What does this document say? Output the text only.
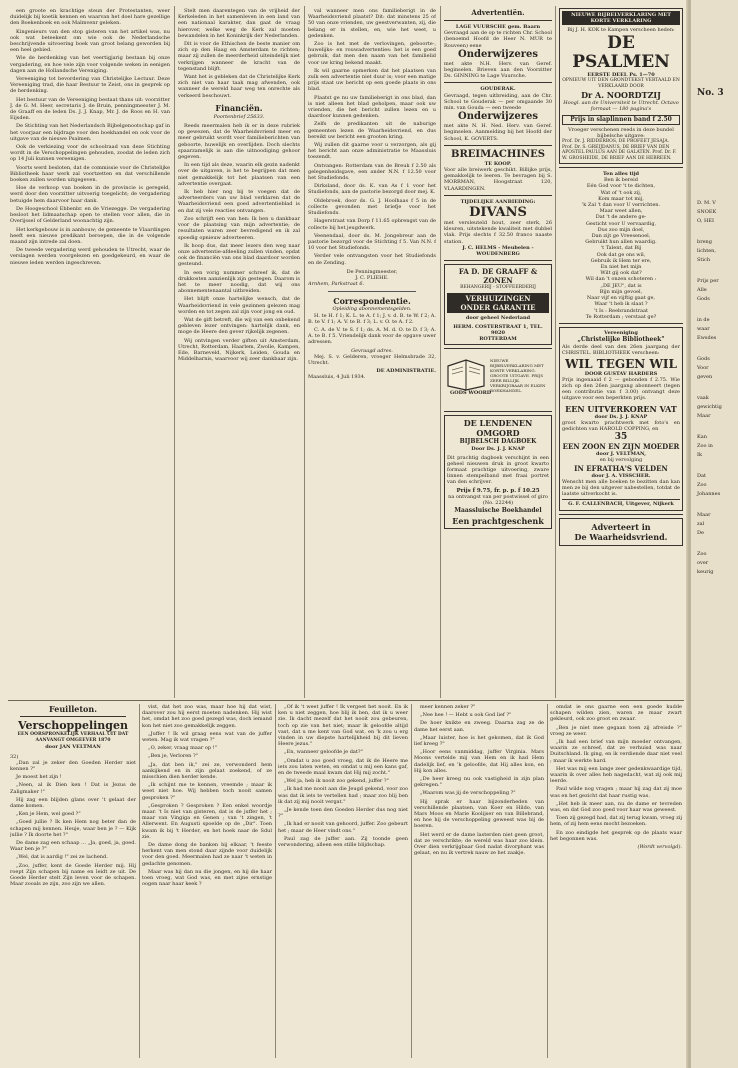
een groote en krachtige steun der Protestanten, weer duidelijk bij koetik kennen en waarvan het doel hare gezellige den Boekenboek en ook Malmvenr geleken.

Kingenieurs van den stop gisteren van het artikel was, nu ook wat beteekent om wie ook de Nederlandsche beschrijvende uitvoering boek van groot belang geworden bij een heel gebied.

Wie de herdenking van het veertigjarig bestaan bij onze vergadering, en hoe vele zijn voor volgende weken in eenigen dagen aan de Hollandsche Vereniging.

Vereeniging tot bevordering van Christelijke Lectuur. Deze Vereeniging trad, die haar Bestuur te Zeist, ons in gesprek op de herdenking.

Het bestuur van de Vereeniging bestaat thans uit: voorzitter J. de G. M. Heer, secretaris J. de Bruin, penningmeester J. M. de Graaff en de leden Ds. J. J. Knap, Mr. J. de Roos en H. van Eijsden.

De Stichting van het Nederlandsch Bijbelgenootschap gaf in het voorjaar een bijdrage voor den boekhandel en ook voor de uitgave van de nieuwe Psalmen.

Ook de verkiezing voor de schoolraad van deze Stichting wordt in de Verschoppelingen gehouden, zoodat de leden zich op 14 Juli kunnen vereenigen.

Voorts werd besloten, dat de commissie voor de Christelijke Bibliotheek haar werk zal voortzetten en dat verschillende boeken zullen worden uitgegeven.

Hoe de verkoop van boeken in de provincie is geregeld, werd door den voorzitter uitvoerig toegelicht; de vergadering betuigde hem daarvoor haar dank.

De Hoogeschool Ebbenbr. en de Vriezegge. De vergadering besloot het lidmaatschap open te stellen voor allen, die in Overijssel of Gelderland woonachtig zijn.

Het kerkgebouw is in aanbouw; de gemeente te Vlaardingen heeft een nieuwe predikant beroepen, die in de volgende maand zijn intrede zal doen.

De tweede vergadering werd gehouden te Utrecht, waar de verslagen werden voorgelezen en goedgekeurd, en waar de nieuwe leden werden ingeschreven.

Stelt men daarentegen van de vrijheid der Kerkeleden in het samenleven in een land van een nationaal karakter, dan gaat de vraag hierover, welke weg de Kerk zal moeten bewandelen in het Koninkrijk der Nederlanden.

Dit is voor de Ethischen de beste manier om zich op den Haag en Amsterdam te richten; maar zij zullen de meerderheid uiteindelijk niet verkrijgen wanneer de kracht van de tegenstand blijft.

Want het is gebleken dat de Christelijke Kerk zich niet van haar taak mag afwenden, ook wanneer de wereld haar weg ten onrechte als verkeerd beschouwt.

Financiën.
Poortenbrief 25633.

Reeds meermalen heb ik er in deze rubriek op gewezen, dat de Waarheidsvriend meer en meer gebruikt wordt voor familieberichten van geboorte, huwelijk en overlijden. Doch slechts spaarzamelijk is aan die uitnoodiging gehoor gegeven.

In een tijd als deze, waarin elk gezin nadenkt over de uitgaven, is het te begrijpen dat men niet gemakkelijk tot het plaatsen van een advertentie overgaat.

Ik heb hier nog bij te voegen dat de adverteerders van uw blad verklaren dat de Waarheidsvriend een goed advertentieblad is en dat zij vele reacties ontvangen.

Zoo schrijft een van hen: Ik ben u dankbaar voor de plaatsing van mijn advertentie; de resultaten waren zeer bevredigend en ik zal spoedig opnieuw adverteeren.

Ik hoop dus, dat meer lezers den weg naar onze advertentie-afdeeling zullen vinden, opdat ook de financiën van ons blad daardoor worden gesteund.

In een vorig nummer schreef ik, dat de drukkosten aanzienlijk zijn gestegen. Daarom is het te meer noodig, dat wij ons abonnementenaantal uitbreiden.

Het blijft onze hartelijke wensch, dat de Waarheidsvriend in vele gezinnen gelezen mag worden en tot zegen zal zijn voor jong en oud.

Wat de gift betreft, die wij van een onbekend gebleven lezer ontvingen: hartelijk dank, en moge de Heere den gever rijkelijk zegenen.

Wij ontvingen verder giften uit Amsterdam, Utrecht, Rotterdam, Haarlem, Zwolle, Kampen, Ede, Barneveld, Nijkerk, Leiden, Gouda en Middelharnis, waarvoor wij zeer dankbaar zijn.

val wanneer men ons familieberigt in de Waarheidsvriend plaatst? Dit: dat minstens 25 of 50 van onze vrienden, uw geestverwanten, zij, die belang er in stellen, en, wie het weet, u gedenken.

Zoo is het met de verlovingen, geboorte-, huwelijks- en rouwadvertenties: het is een goed gebruik, dat men den naam van het familielid voor uw kring bekend maakt.

Ik wil gaarne opmerken dat het plaatsen van zulk een advertentie niet duur is; voor een matige prijs staat uw bericht op een goede plaats in ons blad.

Plaatst ge nu uw familieberigt in ons blad, dan is niet alleen het blad geholpen, maar ook uw vrienden, die het bericht zullen lezen en u daardoor kunnen gedenken.

Zelfs de predikanten uit de naburige gemeenten lezen de Waarheidsvriend, en dus bereikt uw bericht een grooten kring.

Wij zullen dit gaarne voor u verzorgen, als gij het bericht aan onze administratie te Maassluis toezendt.

Ontvangen: Rotterdam van de Breuk f 2.50 als gelegenheidsgave, een ander N.N. f 12.50 voor het Studiefonds.

Dirksland, door ds. K. van As f 1 voor het Studiefonds, aan de pastorie bezorgd door mej. K.

Oldebroek, door ds. G. J. Hoolhaas f 5 in de collecte gevonden met briefje voor het Studiefonds.

Hagerstraat van Dorp f 11.65 opbrengst van de collecte bij het jeugdwerk.

Veenendaal, door ds. M. Jongebreur aan de pastorie bezorgd voor de Stichting f 5. Van N.N. f 10 voor het Studiefonds.

Verder vele ontvangsten voor het Studiefonds en de Zending.

De Penningmeester,
J. C. PLIEHE.
Arnhem, Parkstraat 6.
Correspondentie.
Opleiding abonnementsgelden.

H. te H. f 1; K. L. te A. f 1; J. v. d. B. te W. f 2; A. B. te V. f 1; A. V. te B. f 3; L. v. O. te A. f 2.

C. A. de V. te S. f 1; ds. A. M. d. O. te D. f 3; A. A. te B. f 5. Vriendelijk dank voor de opgave uwer adressen.

Gevraagd adres.

Mej. S. v. Gelderen, vroeger Helmsbrade 32, Utrecht.

DE ADMINISTRATIE.
Maassluis, 4 Juli 1934.
Advertentiën.
LAGE VUURSCHE gem. Baarn
Gevraagd aan de op te richten Chr. School (benoemd Hoofd de Heer N. MUR te Rouveen) eene
Onderwijzeres
met akte N.H. Herv. van Geref. beginselen. Brieven aan den Voorzitter Ds. GINNING te Lage Vuursche.
GOUDERAK.
Gevraagd, tegen uitbreiding, aan de Chr. School te Gouderak — per omgaande 30 min. van Gouda — een tweede
Onderwijzeres
met akte N. H. Ned. Herv. van Geref. beginselen. Aanmelding bij het Hoofd der School, K. GOVERTS.
BREIMACHINES
TE KOOP.
Voor alle breiwerk geschikt. Billijke prijs, gemakkelijk te leeren. Te bevragen bij S. MORRMAN, Hoogstraat 120, VLAARDINGEN.
TIJDELIJKE AANBIEDING:
DIVANS
met versleuteld hout, zeer sterk, 26 kleuren, uitstekende kwaliteit met dubbel vlak. Prijs slechts f 32.50 franco naaste station.
J. C. HELMS - Meubelen - WOUDENBERG
FA D. DE GRAAFF & ZONEN
BEHANGERIJ - STOFFEERDERIJ
VERHUIZINGEN
ONDER GARANTIE
door geheel Nederland
HERM. COSTERSTRAAT 1, TEL. 9020
ROTTERDAM
GODS WOORD
NIEUWE BIJBELVERKLARING MET KORTE VERKLARING. GROOTE UITGAVE. PRIJS ZEER BILLIJK. VERKRIJGBAAR IN ELKEN BOEKHANDEL.
DE LENDENEN OMGORD
BIJBELSCH DAGBOEK
Door Ds. J. J. KNAP
Dit prachtig dagboek verschijnt in een geheel nieuwen druk in groot kwarto formaat prachtige uitvoering, zware linnen stempelband met fraai portret van den schrijver.
Prijs f 9.75, fr. p. p. f 10.25
na ontvangst van per postwissel of giro (No. 22244)
Maassluische Boekhandel
Een prachtgeschenk
NIEUWE BIJBELVERKLARING MET KORTE VERKLARING
Bij J. H. KOK te Kampen verscheen heden:
DE PSALMEN
EERSTE DEEL Ps. 1—70
OPNIEUW UIT DEN GRONDTEKST VERTAALD EN VERKLAARD DOOR
Dr A. NOORDTZIJ
Hoogl. aan de Universiteit te Utrecht. Octavo formaat — 180 pagina's
Prijs in slaplinnen band f 2.50
Vroeger verschenen reeds in deze bundel bijbelsche uitgave:
Prof. Dr. J. RIDDERBOS, DE PROFEET JESAJA. Prof. Dr. S. GREIJDANUS, DE BRIEF VAN DEN APOSTEL PAULUS AAN DE GALATEN. Prof. Dr. F. W. GROSHEIDE, DE BRIEF AAN DE HEBREEN.
Ten alles tijd
Ben ik bereid
Eén God voor 't te dichten,
Wat of 't ook zij,
Kom maar tot mij,
'k Zal 't dan voor U verrichten.
Maar weet allen,
Dat 't de andere ge-
Gesticht voor U vervaardig,
Dus zoo mijn doel,
Dan zijt ge Vreesenoel,
Gebruikt hun allen waardig.
't Talent, dat Bij
Ook dat ge ons wil,
Gebruik ik Hem ter ere,
En niet het mijn
Wilt gij ook dat?
Wil dan 't onzen schoteren :
„DE JEU", dat is
Bijn mijn gevoel,
Naar vijf en vijftig gaat ge,
Waar 't heb ik slaat ?
't Is : Reebrandstraat
Te Rotterdam ; verstaat ge?
Vereeniging
„Christelijke Bibliotheek"
Als derde deel van den 26en jaargang der CHRISTEL. BIBLIOTHEEK verscheen:
WIL TEGEN WIL
DOOR GUSTAV HARDERS
Prijs ingenaaid f 2 — gebonden f 2.75. Wie zich op den 26en jaargang abonneert (tegen een contributie van f 3.00) ontvangt deze uitgave voor een beperkten prijs.
EEN UITVERKOREN VAT
door Ds. J. J. KNAP
groot kwarto prachtwerk met foto's en gedichten van HAROLD COPPING, en
35
EEN ZOON EN ZIJN MOEDER
door J. VELTMAN,
en bij vervolging
IN EFRATHA'S VELDEN
door J. A. VISSCHER.
Wenscht men alle boeken te bezitten dan kan men ze bij den uitgever nabestellen, totdat de laatste uitverkocht is.
G. F. CALLENBACH, Uitgever, Nijkerk
Adverteert in
De Waarheidsvriend.
Feuilleton.
Verschoppelingen
EEN OORSPRONKELIJK VERHAAL UIT DAT AANVANGT OMGEEVER 1870
door JAN VELTMAN
32)

„Dan zal je zeker den Goeden Herder niet kennen ?"

Je moest het zijn !

„Neen, al ik Dien ken ! Dat is Jezus de Zaligmaker !"

Hij zag een blijden glans over 't gelaat der dame komen.

„Ken je Hem, wel goed ?"

„Goed jullie ? Ik ken Hem nog beter dan de schapen mij kennen. Heuje, waar ben je ? — Kijk jullie ? Ik doorte het ?"

De dame zag een schaap ... „Ja, goed, ja, goed. Waar ben je ?"

„Wel, dat is aardig !" zei ze lachend.

„Zoo, juffer, kent de Goede Herder mij. Hij roept Zijn schapen bij name en leidt ze uit. De Goede Herder stelt Zijn leven voor de schapen. Maar zooals ze zijn, zoo zijn we allen.

vist, dat het zoo was, maar hoe hij dat wist, daarover zou hij eerst moeten nadenken. Hij wist het, omdat het zoo goed gezegd was, doch iemand kon het niet zoo gemakkelijk zeggen.

„Juffer ! Ik wil graag eens wat van de juffer weten. Mag ik wat vragen ?"

„O, zeker, vraag maar op !"

„Ben je, Verloren ?"

„Ja, dat ben ik," zei ze, verwonderd hem aankijkend en in zijn gelaat zoekend, of ze misschien dien herder kende.

„Ik schijnt me te kennen, vreemde ; maar ik weet niet hoe. Wij hebben toch nooit samen gesproken ?"

„Gesproken ? Gesproken ? Een enkel woordje maar. 't Is niet van gisteren, dat is de juffer het ; maar van Vingiga en Genen ; van 't zingen, 't Allerwent. En Augusti spoelde op de „Dir". Toen kwam ik bij 't Herder, en het hoek naar de Sdul zie.

De dame dong de banken bij elkaar, 't feeste herkent van men stond daar zijnde voor duidelijk voor den goed. Meermalen had ze naar 't weten in gedachte genomen.

Maar was hij dan nu die jongen, en hij die haar toen vroeg, wat God was, en met zijne ernstige oogen naar haar keek ?

„Of ik 't weet juffer ! Ik vergeet het nooit. En ik ken u niet zeggen, hoe blij ik ben, dat ik u weer zie. Ik dacht mezelf dat het nooit zou gebeuren, toch op zie van het niet; maar ik geloofde altijd vast, dat u me kent van God wat, en 'k zou u erg vinden in uw diepste hartelijkheid bij dit lieven Heere jezus."

„En, wanneer geloofde je dat?"

„Omdat u zoo goed vroeg, dat ik de Heere me iets zou laten weten, en omdat u mij een kans gaf, en de tweede maal kwam dat Hij mij zocht."

„Wel ja, heb ik nooit zoo gekend, juffer ?"

„Ik had me nooit aan die Jeugd gekend, voor zoo was dat ik iets te vertellen had ; maar zoo blij ben ik dat zij mij nooit vergat."

„Je kende toen den Goeden Herder dus nog niet ?"

„Ik had er nooit van gehoord, juffer. Zoo gebeurt het ; maar de Heer vindt ons."

Paul zag de juffer aan. Zij toonde geen verwondering, alleen een stille blijdschap.

meer kennen zeker ?"

„Nee hee ! — Hebt u ook God lief ?"

De hoer knikte en zweeg. Daarna zag ze de dame het eerst aan.

„Maar luister, hoe is het gekomen, dat ik God lief kreeg ?"

„Hoor eens vanmiddag, juffer Virginia. Mars Moons vertelde mij van Hem en ik had Hem dadelijk lief, en 'k geloofde, dat Hij alles kon, en Hij kon alles.

„De heer kreeg nu ook vastigheid in zijn plan gekregen."

„Waarom was jij de verschoppeling ?"

Hij sprak er haar bijzonderheden van verschillende plaatsen, van Koer en Hildo, van Mars Moos en Marie Koolijser en van Billebrand, en hoe hij de verschoppeling geweest was bij de boeren.

Het werd er de dame lasterden niet geen groot, dat ze verschrikte; de wereld was haar zoo klein. Over dien verkrijgbaar God nadat divorphant was gelaat, en nu ik vertrek nauw ze het zaakje.

omdat ie ons gaarne een een goede kudde schapen wilden zien, waren ze maar zwart gekleurd, ook zoo groot en zwaar.

„Ben je niet mee gegaan toen zij afreisde ?" vroeg ze weer.

„Ik had een brief van mijn moeder ontvangen, waarin ze schreef, dat ze verhuisd was naar Duitschland. Ik ging, en ik verdiende daar niet veel ; maar ik werkte hard.

Het was mij een lange zeer gedenkwaardige tijd, waarin ik over alles heb nagedacht, wat zij ook mij leerde.

Paul wilde nog vragen ; maar hij zag dat zij moe was en het gezicht dat haar rustig was.

„Het heb ik meer aan, nu de dame er tevreden was, en dat God zoo goed voor haar was geweest.

Toen zij gezegd had, dat zij terug kwam, vroeg zij hem, of zij hem eens mocht bezoeken.

En zoo eindigde het gesprek op de plaats waar het begonnen was.

(Wordt vervolgd).
No. 3
D. M. V
SNOEK
O, HEI
breng
lichten,
Stich
Prijs per
Alle
Gods
in de
waar
Ewsdes
Gods
Voor
geven
vaak
gewichtig
Maar
Kan
Zoo in
Ik
Dat
Zoo
Johannes
Maar
zal
De
Zoo
over
keurig
